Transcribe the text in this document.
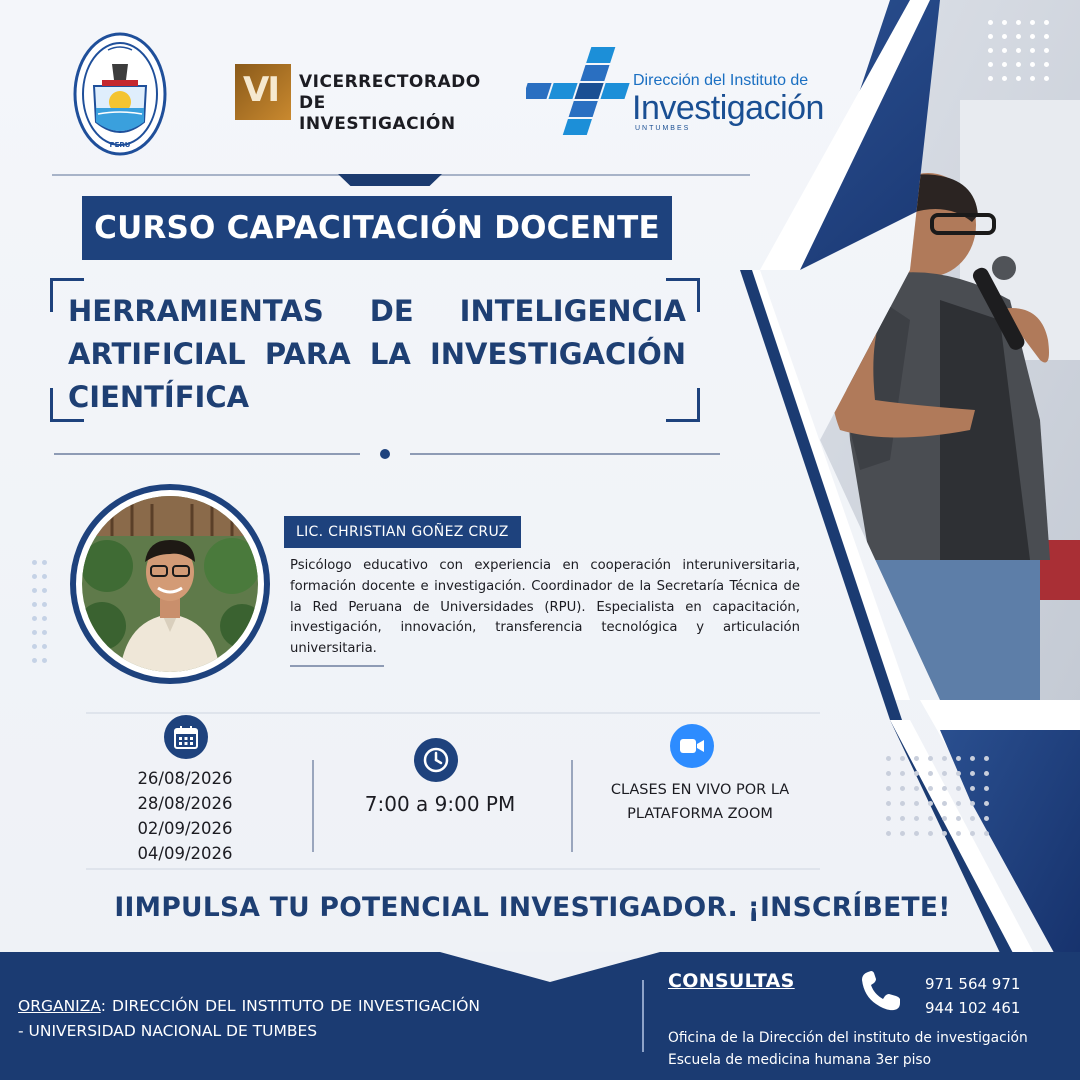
PERU
VI VICERRECTORADO
DE INVESTIGACIÓN
Dirección del Instituto de
Investigación
UNTUMBES
CURSO CAPACITACIÓN DOCENTE
HERRAMIENTAS DE INTELIGENCIA ARTIFICIAL PARA LA INVESTIGACIÓN CIENTÍFICA
LIC. CHRISTIAN GOÑEZ CRUZ
Psicólogo educativo con experiencia en cooperación interuniversitaria, formación docente e investigación. Coordinador de la Secretaría Técnica de la Red Peruana de Universidades (RPU). Especialista en capacitación, investigación, innovación, transferencia tecnológica y articulación universitaria.
26/08/2026
28/08/2026
02/09/2026
04/09/2026
7:00 a 9:00 PM
CLASES EN VIVO POR LA
PLATAFORMA ZOOM
IIMPULSA TU POTENCIAL INVESTIGADOR. ¡INSCRÍBETE!
ORGANIZA: DIRECCIÓN DEL INSTITUTO DE INVESTIGACIÓN - UNIVERSIDAD NACIONAL DE TUMBES
CONSULTAS	971 564 971
944 102 461
Oficina de la Dirección del instituto de investigación
Escuela de medicina humana 3er piso
